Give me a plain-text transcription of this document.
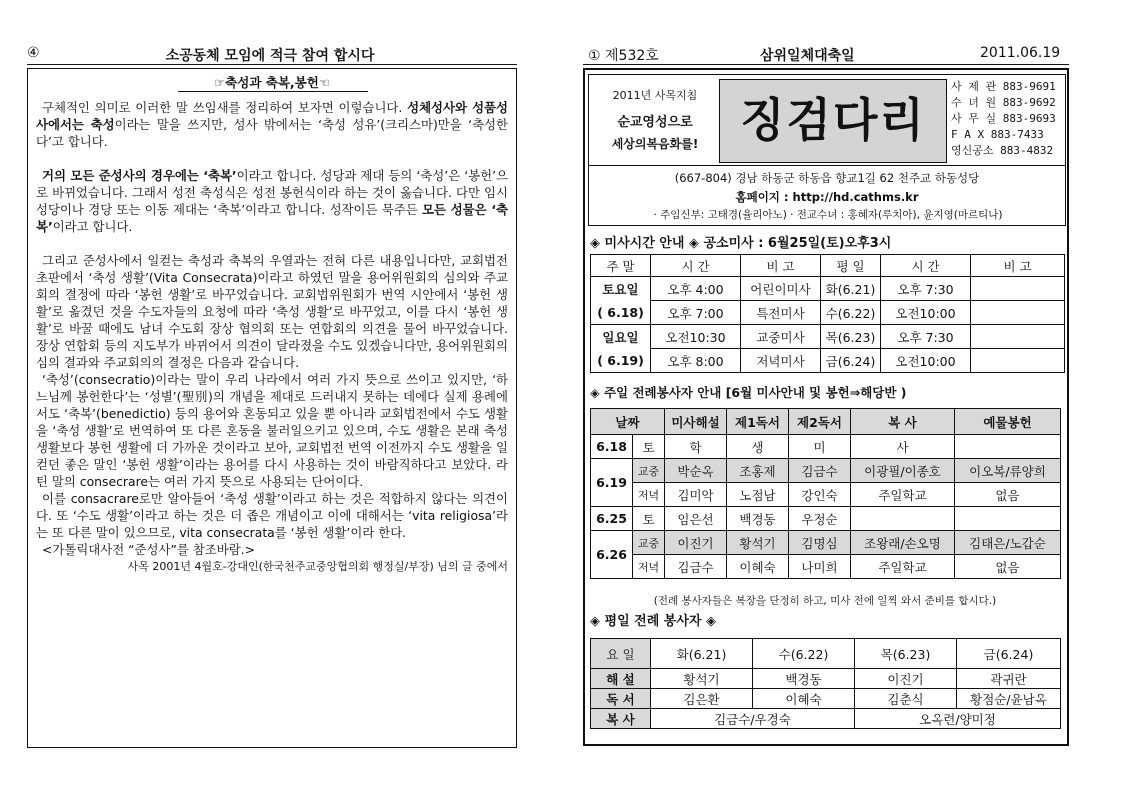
④	소공동체 모임에 적극 참여 합시다
☞축성과 축복,봉헌☜

구체적인 의미로 이러한 말 쓰임새를 정리하여 보자면 이렇습니다. 성체성사와 성품성사에서는 축성이라는 말을 쓰지만, 성사 밖에서는 ‘축성 성유’(크리스마)만을 ‘축성한다’고 합니다.

거의 모든 준성사의 경우에는 ‘축복’이라고 합니다. 성당과 제대 등의 ‘축성’은 ‘봉헌’으로 바뀌었습니다. 그래서 성전 축성식은 성전 봉헌식이라 하는 것이 옳습니다. 다만 임시 성당이나 경당 또는 이동 제대는 ‘축복’이라고 합니다. 성작이든 묵주든 모든 성물은 ‘축복’이라고 합니다.

그리고 준성사에서 일컫는 축성과 축복의 우열과는 전혀 다른 내용입니다만, 교회법전 초판에서 ‘축성 생활’(Vita Consecrata)이라고 하였던 말을 용어위원회의 심의와 주교회의 결정에 따라 ‘봉헌 생활’로 바꾸었습니다. 교회법위원회가 번역 시안에서 ‘봉헌 생활’로 옮겼던 것을 수도자들의 요청에 따라 ‘축성 생활’로 바꾸었고, 이를 다시 ‘봉헌 생활’로 바꿀 때에도 남녀 수도회 장상 협의회 또는 연합회의 의견을 물어 바꾸었습니다. 장상 연합회 등의 지도부가 바뀌어서 의견이 달라졌을 수도 있겠습니다만, 용어위원회의 심의 결과와 주교회의의 결정은 다음과 같습니다.

‘축성’(consecratio)이라는 말이 우리 나라에서 여러 가지 뜻으로 쓰이고 있지만, ‘하느님께 봉헌한다’는 ‘성별’(聖別)의 개념을 제대로 드러내지 못하는 데에다 실제 용례에서도 ‘축복’(benedictio) 등의 용어와 혼동되고 있을 뿐 아니라 교회법전에서 수도 생활을 ‘축성 생활’로 번역하여 또 다른 혼동을 불러일으키고 있으며, 수도 생활은 본래 축성 생활보다 봉헌 생활에 더 가까운 것이라고 보아, 교회법전 번역 이전까지 수도 생활을 일컫던 좋은 말인 ‘봉헌 생활’이라는 용어를 다시 사용하는 것이 바람직하다고 보았다. 라틴 말의 consecrare는 여러 가지 뜻으로 사용되는 단어이다.

이를 consacrare로만 알아들어 ‘축성 생활’이라고 하는 것은 적합하지 않다는 의견이다. 또 ‘수도 생활’이라고 하는 것은 더 좁은 개념이고 이에 대해서는 ‘vita religiosa’라는 또 다른 말이 있으므로, vita consecrata를 ‘봉헌 생활’이라 한다.

<가톨릭대사전 “준성사”를 참조바람.>

사목 2001년 4월호-강대인(한국천주교중앙협의회 행정실/부장) 님의 글 중에서

① 제532호	삼위일체대축일	2011.06.19
2011년 사목지침
순교영성으로
세상의복음화를! 징검다리
사 제 관 883-9691
수 녀 원 883-9692
사 무 실 883-9693
F A X 883-7433
영신공소 883-4832
(667-804) 경남 하동군 하동읍 향교1길 62 천주교 하동성당
홈페이지 : http://hd.cathms.kr
· 주임신부: 고태경(율리아노) · 전교수녀 : 홍혜자(루치아), 윤지영(마르티나)
◈ 미사시간 안내 ◈ 공소미사 : 6월25일(토)오후3시
주 말	시 간	비 고	평 일	시 간	비 고
토요일	오후 4:00	어린이미사	화(6.21)	오후 7:30	
( 6.18)	오후 7:00	특전미사	수(6.22)	오전10:00	
일요일	오전10:30	교중미사	목(6.23)	오후 7:30	
( 6.19)	오후 8:00	저녁미사	금(6.24)	오전10:00	
◈ 주일 전례봉사자 안내 [6월 미사안내 및 봉헌⇒해당반 )
날짜		미사해설	제1독서	제2독서	복 사	예물봉헌
6.18	토	학	생	미	사	
6.19	교중	박순옥	조홍제	김금수	이광필/이종호	이오복/류양희
	저녁	김미악	노점남	강인숙	주일학교	없음
6.25	토	임은선	백경동	우정순		
6.26	교중	이진기	황석기	김명심	조왕래/손오명	김태은/노갑순
	저녁	김금수	이혜숙	나미희	주일학교	없음
(전례 봉사자들은 복장을 단정히 하고, 미사 전에 일찍 와서 준비를 합시다.)
◈ 평일 전례 봉사자 ◈
요 일	화(6.21)	수(6.22)	목(6.23)	금(6.24)
해 설	황석기	백경동	이진기	곽귀란
독 서	김은환	이혜숙	김춘식	황점순/윤남옥
복 사	김금수/우경숙		오옥련/양미정	
